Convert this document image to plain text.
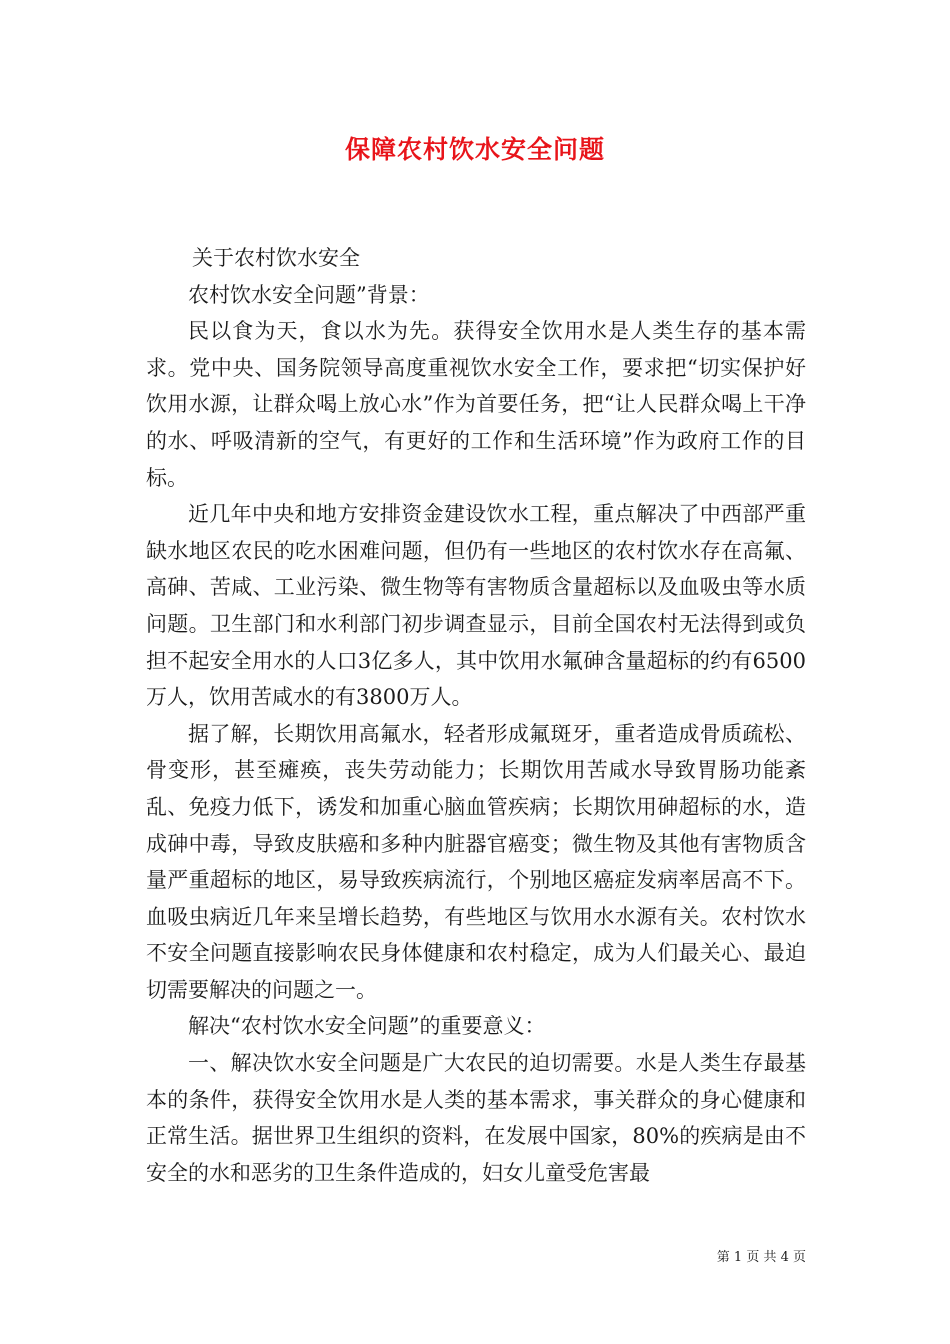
保障农村饮水安全问题

关于农村饮水安全

农村饮水安全问题”背景：

民以食为天，食以水为先。获得安全饮用水是人类生存的基本需求。党中央、国务院领导高度重视饮水安全工作，要求把“切实保护好饮用水源，让群众喝上放心水”作为首要任务，把“让人民群众喝上干净的水、呼吸清新的空气，有更好的工作和生活环境”作为政府工作的目标。

近几年中央和地方安排资金建设饮水工程，重点解决了中西部严重缺水地区农民的吃水困难问题，但仍有一些地区的农村饮水存在高氟、高砷、苦咸、工业污染、微生物等有害物质含量超标以及血吸虫等水质问题。卫生部门和水利部门初步调查显示，目前全国农村无法得到或负担不起安全用水的人口3亿多人，其中饮用水氟砷含量超标的约有6500万人，饮用苦咸水的有3800万人。

据了解，长期饮用高氟水，轻者形成氟斑牙，重者造成骨质疏松、骨变形，甚至瘫痪，丧失劳动能力；长期饮用苦咸水导致胃肠功能紊乱、免疫力低下，诱发和加重心脑血管疾病；长期饮用砷超标的水，造成砷中毒，导致皮肤癌和多种内脏器官癌变；微生物及其他有害物质含量严重超标的地区，易导致疾病流行，个别地区癌症发病率居高不下。血吸虫病近几年来呈增长趋势，有些地区与饮用水水源有关。农村饮水不安全问题直接影响农民身体健康和农村稳定，成为人们最关心、最迫切需要解决的问题之一。

解决“农村饮水安全问题”的重要意义：

一、解决饮水安全问题是广大农民的迫切需要。水是人类生存最基本的条件，获得安全饮用水是人类的基本需求，事关群众的身心健康和正常生活。据世界卫生组织的资料，在发展中国家，80%的疾病是由不安全的水和恶劣的卫生条件造成的，妇女儿童受危害最

第 1 页 共 4 页
